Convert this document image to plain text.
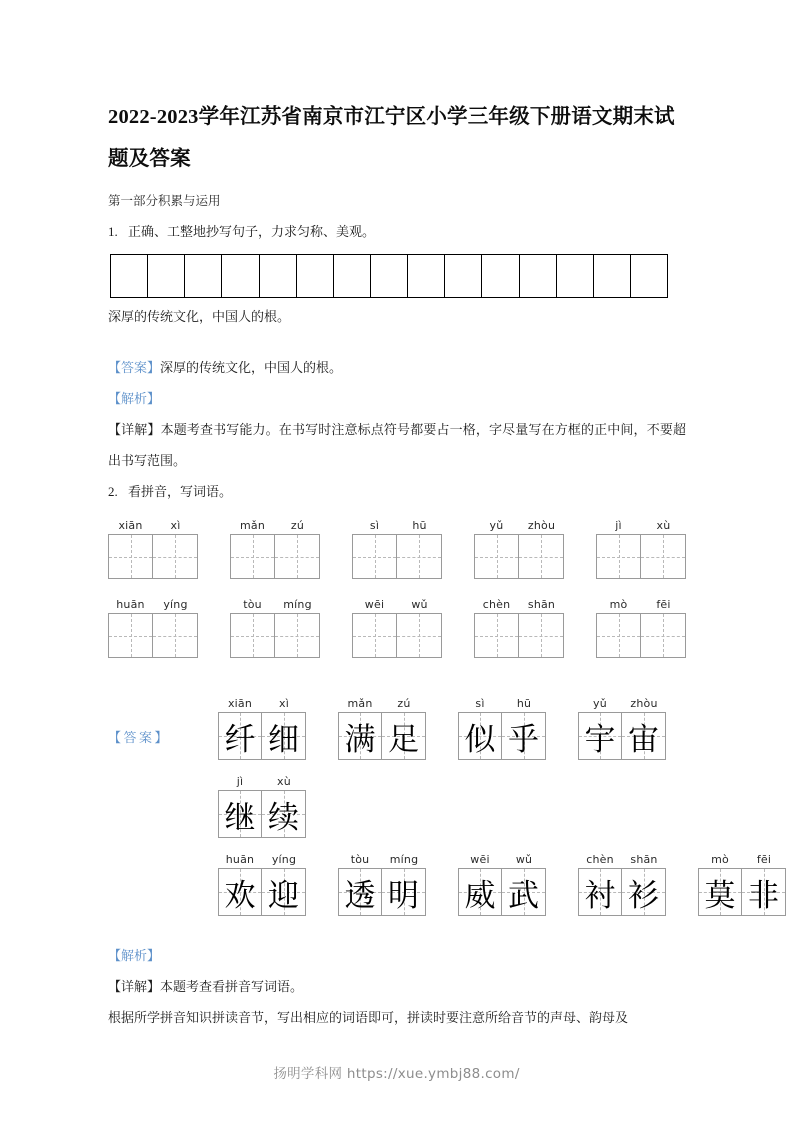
2022-2023学年江苏省南京市江宁区小学三年级下册语文期末试题及答案

第一部分积累与运用

1. 正确、工整地抄写句子，力求匀称、美观。

深厚的传统文化，中国人的根。

【答案】深厚的传统文化，中国人的根。

【解析】

【详解】本题考查书写能力。在书写时注意标点符号都要占一格，字尽量写在方框的正中间，不要超出书写范围。

2. 看拼音，写词语。

xiān	xì	mǎn	zú	sì	hū	yǔ	zhòu	jì	xù
huān	yíng	tòu	míng	wēi	wǔ	chèn	shān	mò	fēi
【答案】
xiān	xì
纤 细
mǎn	zú
满 足
sì	hū
似 乎
yǔ	zhòu
宇 宙
jì	xù
继 续
huān	yíng
欢 迎
tòu	míng
透 明
wēi	wǔ
威 武
chèn	shān
衬 衫
mò	fēi
莫 非

【解析】

【详解】本题考查看拼音写词语。

根据所学拼音知识拼读音节，写出相应的词语即可，拼读时要注意所给音节的声母、韵母及

扬明学科网 https://xue.ymbj88.com/
